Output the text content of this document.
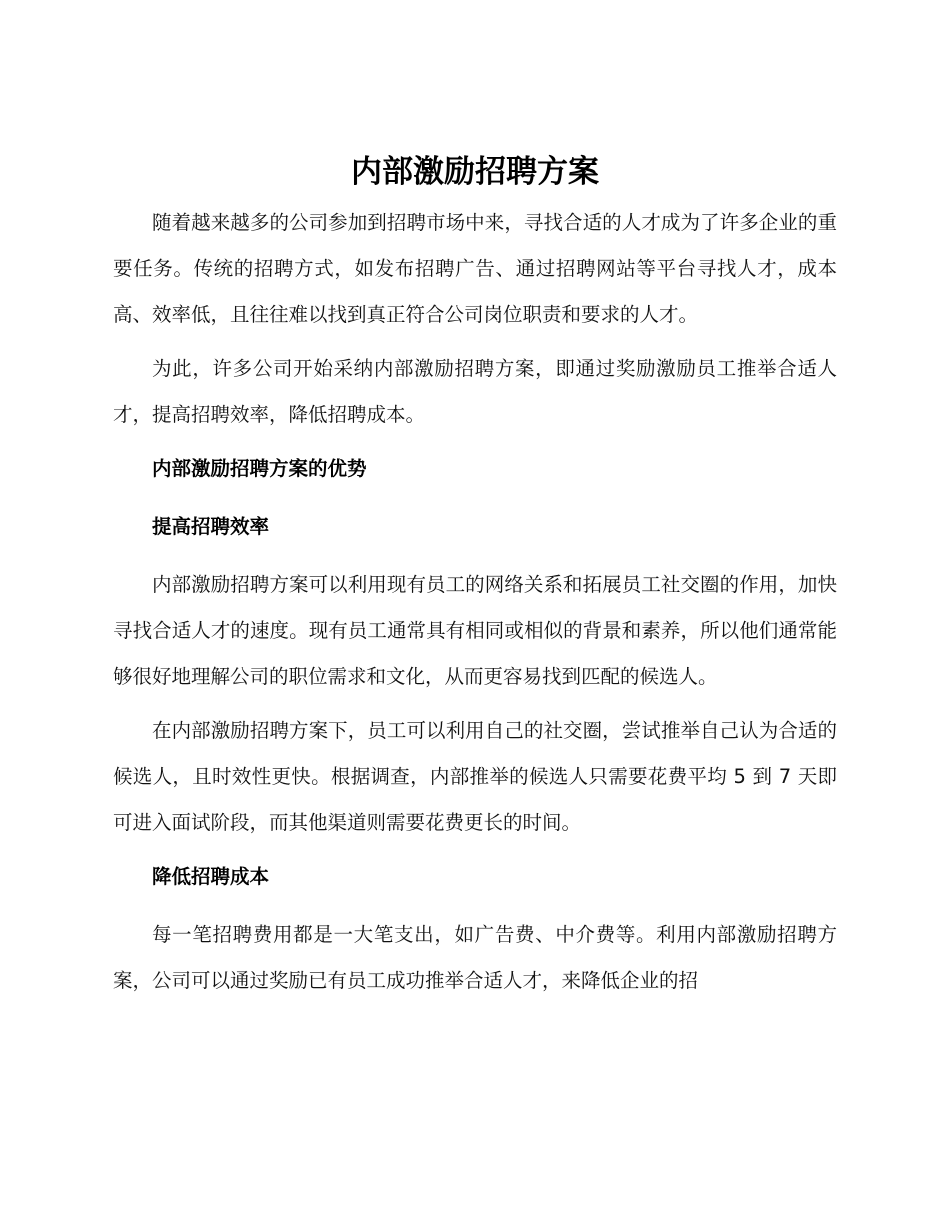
内部激励招聘方案

随着越来越多的公司参加到招聘市场中来，寻找合适的人才成为了许多企业的重要任务。传统的招聘方式，如发布招聘广告、通过招聘网站等平台寻找人才，成本高、效率低，且往往难以找到真正符合公司岗位职责和要求的人才。

为此，许多公司开始采纳内部激励招聘方案，即通过奖励激励员工推举合适人才，提高招聘效率，降低招聘成本。

内部激励招聘方案的优势
提高招聘效率

内部激励招聘方案可以利用现有员工的网络关系和拓展员工社交圈的作用，加快寻找合适人才的速度。现有员工通常具有相同或相似的背景和素养，所以他们通常能够很好地理解公司的职位需求和文化，从而更容易找到匹配的候选人。

在内部激励招聘方案下，员工可以利用自己的社交圈，尝试推举自己认为合适的候选人，且时效性更快。根据调查，内部推举的候选人只需要花费平均 5 到 7 天即可进入面试阶段，而其他渠道则需要花费更长的时间。

降低招聘成本

每一笔招聘费用都是一大笔支出，如广告费、中介费等。利用内部激励招聘方案，公司可以通过奖励已有员工成功推举合适人才，来降低企业的招
